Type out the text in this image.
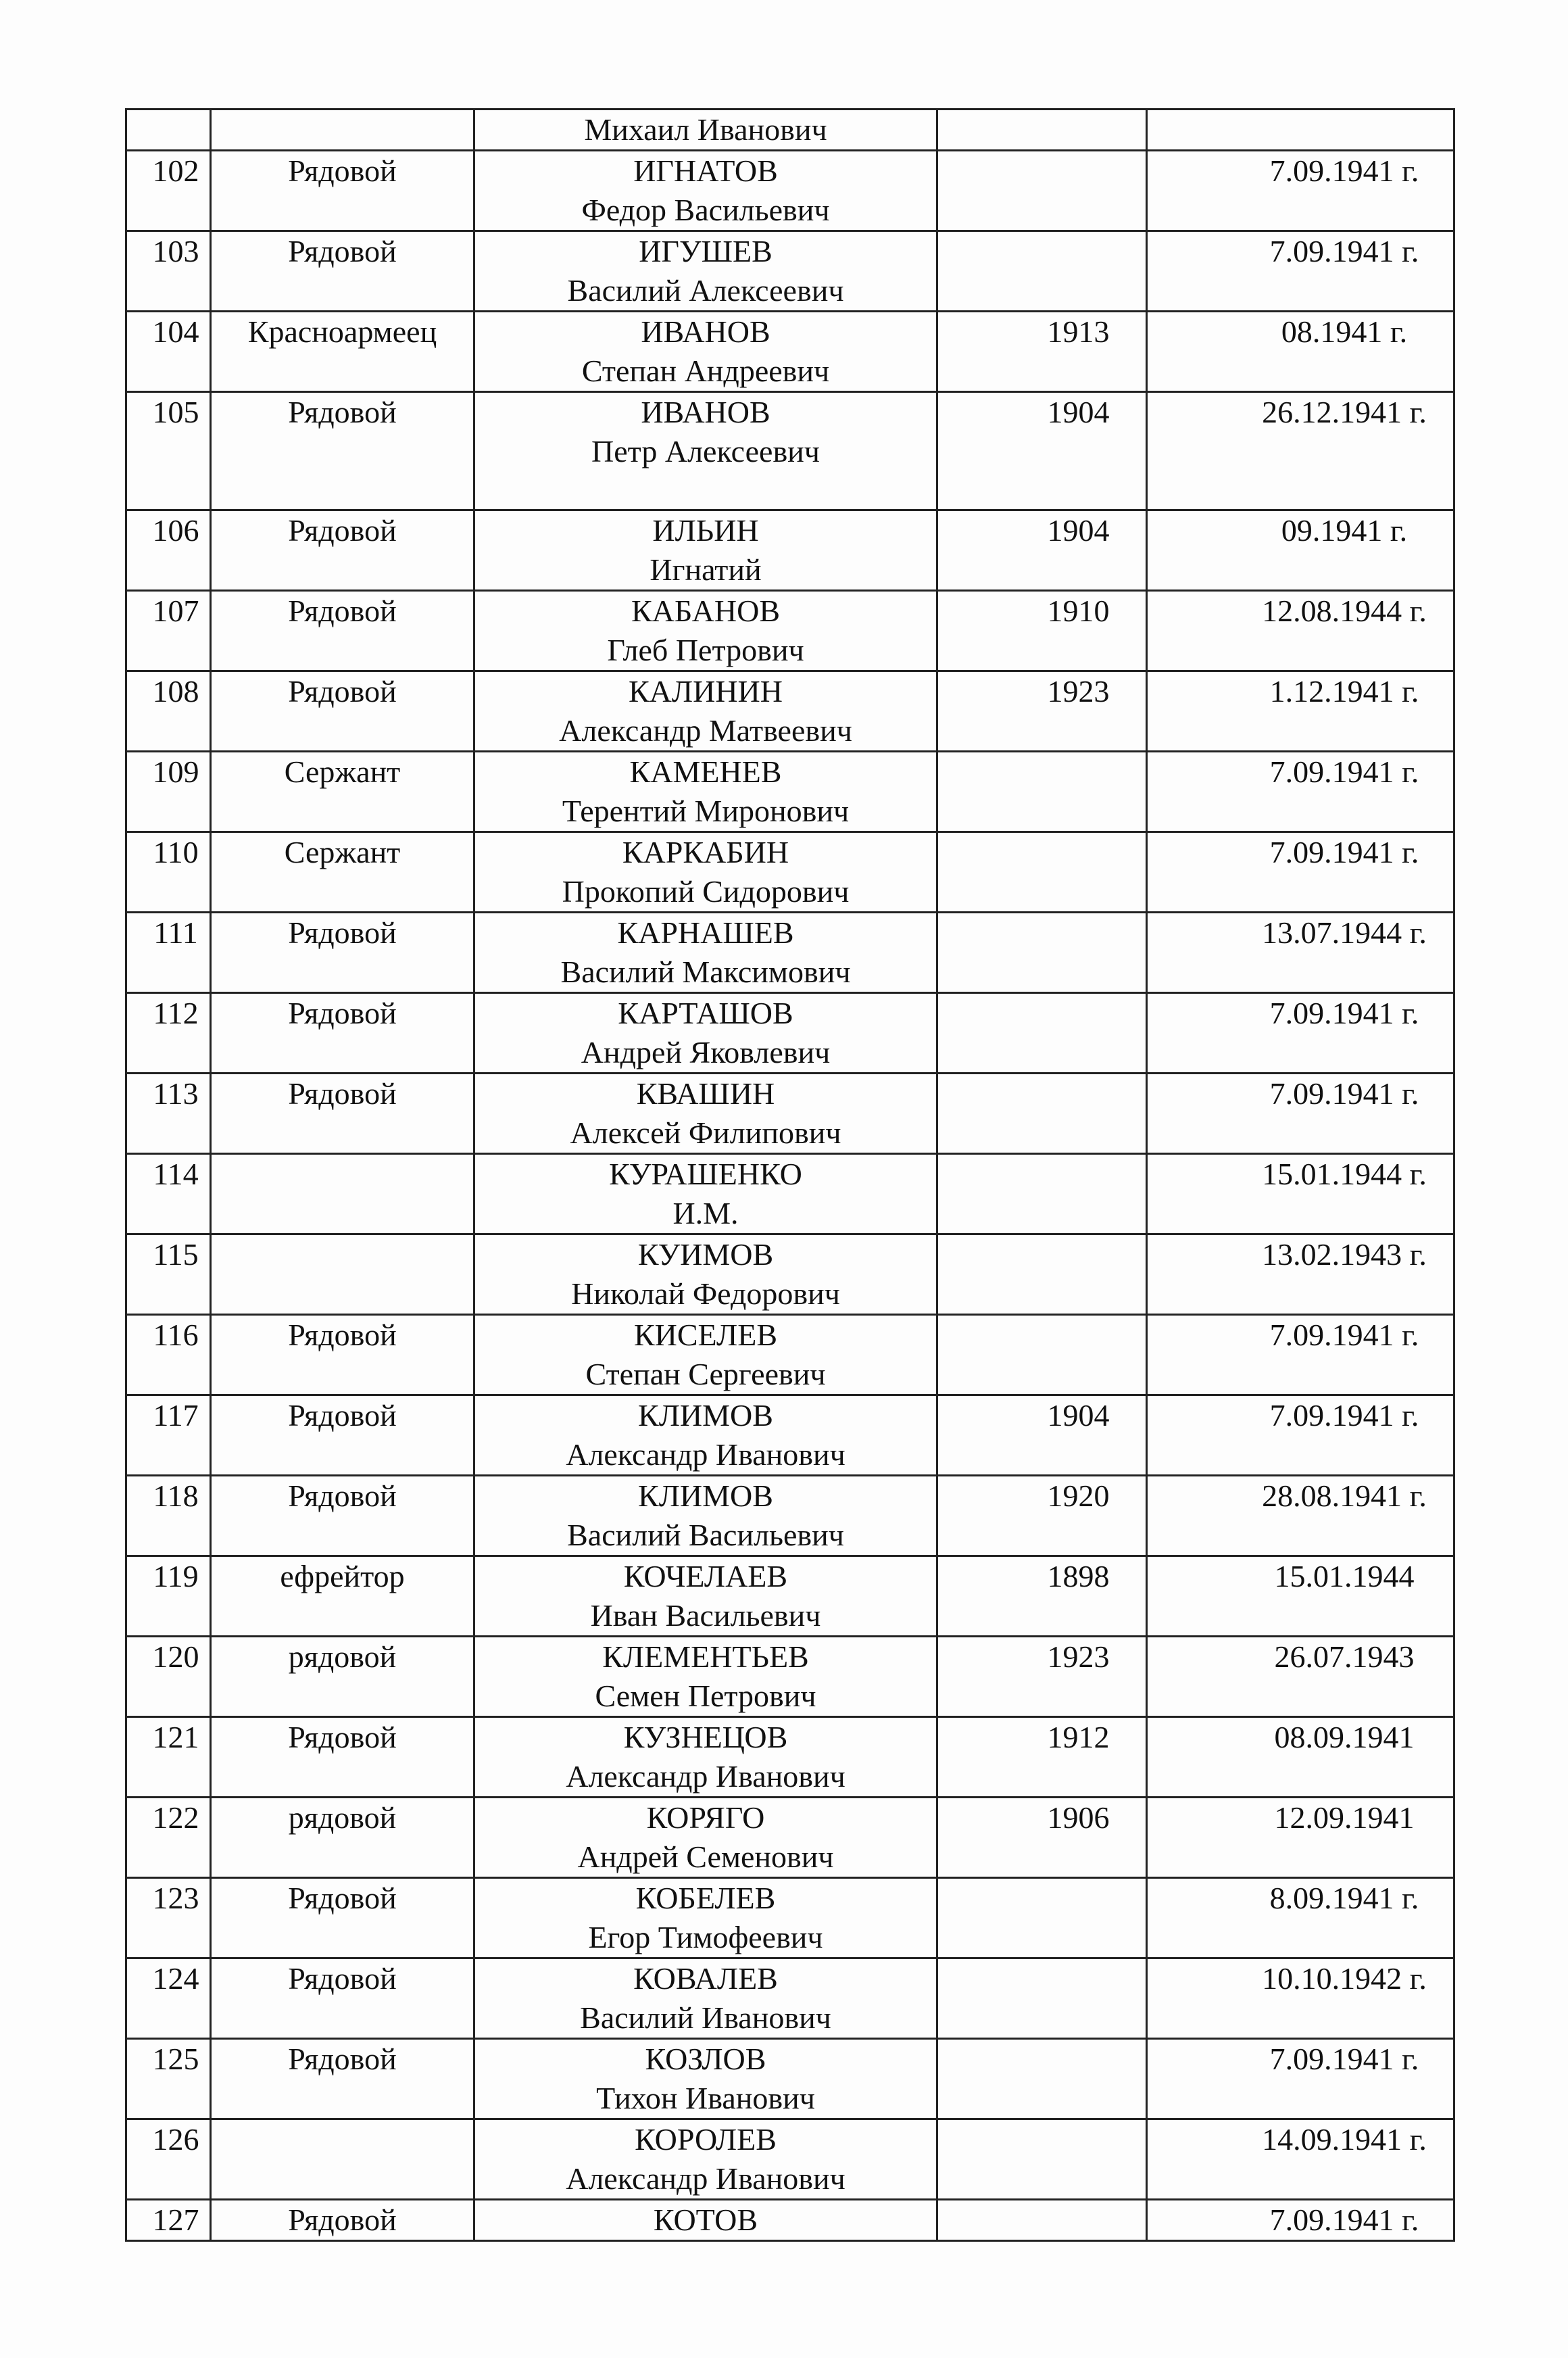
		Михаил Иванович		

102	Рядовой	ИГНАТОВ
Федор Васильевич		7.09.1941 г.

103	Рядовой	ИГУШЕВ
Василий Алексеевич		7.09.1941 г.

104	Красноармеец	ИВАНОВ
Степан Андреевич	1913	08.1941 г.

105	Рядовой	ИВАНОВ
Петр Алексеевич	1904	26.12.1941 г.

106	Рядовой	ИЛЬИН
Игнатий	1904	09.1941 г.

107	Рядовой	КАБАНОВ
Глеб Петрович	1910	12.08.1944 г.

108	Рядовой	КАЛИНИН
Александр Матвеевич	1923	1.12.1941 г.

109	Сержант	КАМЕНЕВ
Терентий Миронович		7.09.1941 г.

110	Сержант	КАРКАБИН
Прокопий Сидорович		7.09.1941 г.

111	Рядовой	КАРНАШЕВ
Василий Максимович		13.07.1944 г.

112	Рядовой	КАРТАШОВ
Андрей Яковлевич		7.09.1941 г.

113	Рядовой	КВАШИН
Алексей Филипович		7.09.1941 г.

114		КУРАШЕНКО
И.М.		15.01.1944 г.

115		КУИМОВ
Николай Федорович		13.02.1943 г.

116	Рядовой	КИСЕЛЕВ
Степан Сергеевич		7.09.1941 г.

117	Рядовой	КЛИМОВ
Александр Иванович	1904	7.09.1941 г.

118	Рядовой	КЛИМОВ
Василий Васильевич	1920	28.08.1941 г.

119	ефрейтор	КОЧЕЛАЕВ
Иван Васильевич	1898	15.01.1944

120	рядовой	КЛЕМЕНТЬЕВ
Семен Петрович	1923	26.07.1943

121	Рядовой	КУЗНЕЦОВ
Александр Иванович	1912	08.09.1941

122	рядовой	КОРЯГО
Андрей Семенович	1906	12.09.1941

123	Рядовой	КОБЕЛЕВ
Егор Тимофеевич		8.09.1941 г.

124	Рядовой	КОВАЛЕВ
Василий Иванович		10.10.1942 г.

125	Рядовой	КОЗЛОВ
Тихон Иванович		7.09.1941 г.

126		КОРОЛЕВ
Александр Иванович		14.09.1941 г.

127	Рядовой	КОТОВ		7.09.1941 г.
